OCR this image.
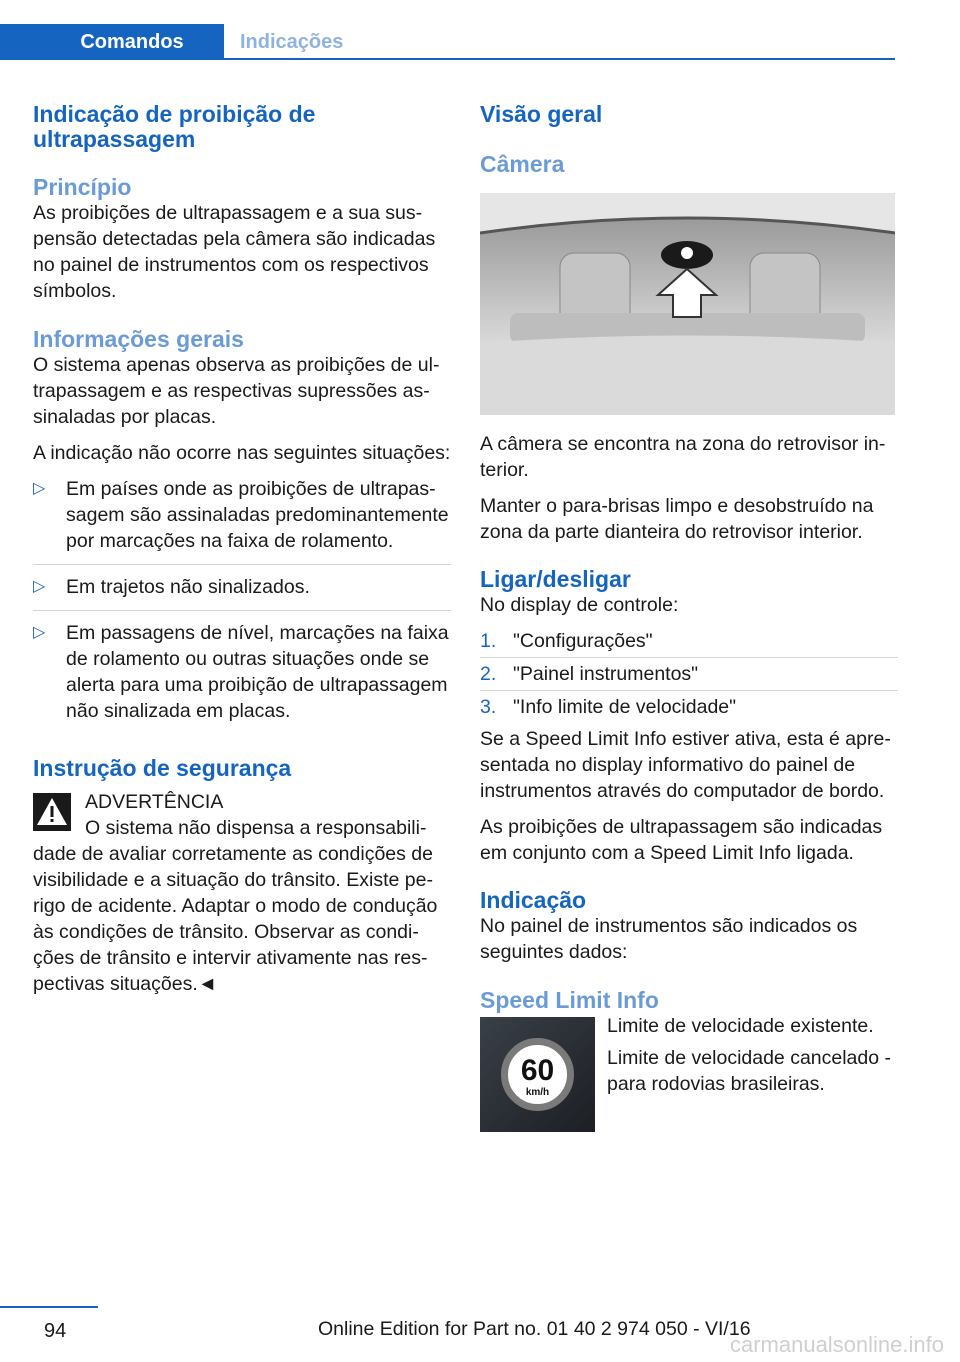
Comandos	Indicações
Indicação de proibição de ultrapassagem
Princípio

As proibições de ultrapassagem e a sua suspensão detectadas pela câmera são indicadas no painel de instrumentos com os respectivos símbolos.

Informações gerais

O sistema apenas observa as proibições de ultrapassagem e as respectivas supressões assinaladas por placas.

A indicação não ocorre nas seguintes situações:

▷ Em países onde as proibições de ultrapassagem são assinaladas predominantemente por marcações na faixa de rolamento.
▷ Em trajetos não sinalizados.
▷ Em passagens de nível, marcações na faixa de rolamento ou outras situações onde se alerta para uma proibição de ultrapassagem não sinalizada em placas.
Instrução de segurança
ADVERTÊNCIA
O sistema não dispensa a responsabilidade de avaliar corretamente as condições de visibilidade e a situação do trânsito. Existe perigo de acidente. Adaptar o modo de condução às condições de trânsito. Observar as condições de trânsito e intervir ativamente nas respectivas situações.◄
Visão geral
Câmera

A câmera se encontra na zona do retrovisor interior.

Manter o para-brisas limpo e desobstruído na zona da parte dianteira do retrovisor interior.

Ligar/desligar

No display de controle:

1. "Configurações"
2. "Painel instrumentos"
3. "Info limite de velocidade"

Se a Speed Limit Info estiver ativa, esta é apresentada no display informativo do painel de instrumentos através do computador de bordo.

As proibições de ultrapassagem são indicadas em conjunto com a Speed Limit Info ligada.

Indicação

No painel de instrumentos são indicados os seguintes dados:

Speed Limit Info
60
km/h

Limite de velocidade existente.

Limite de velocidade cancelado - para rodovias brasileiras.

94	Online Edition for Part no. 01 40 2 974 050 - VI/16
carmanualsonline.info
